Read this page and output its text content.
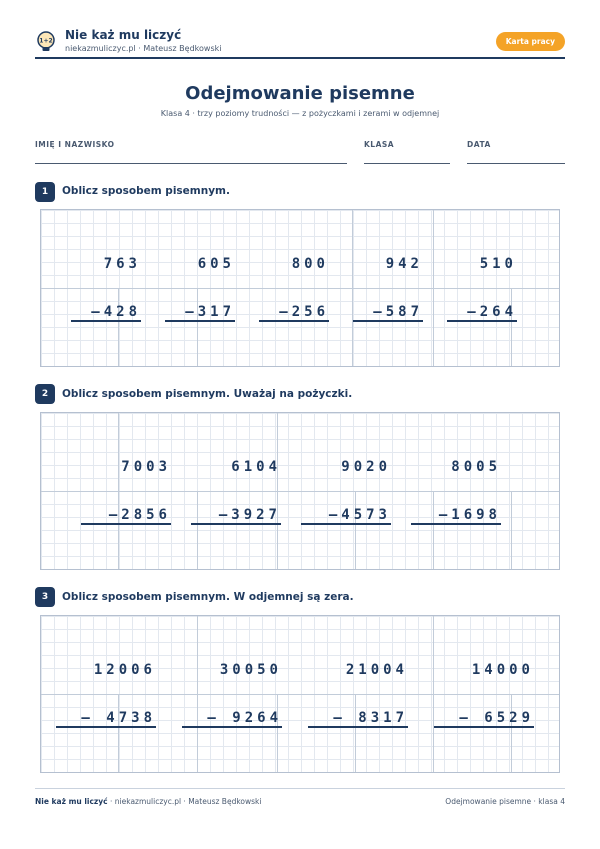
1+2 Nie każ mu liczyć
niekazmuliczyc.pl · Mateusz Będkowski
Karta pracy
Odejmowanie pisemne
Klasa 4 · trzy poziomy trudności — z pożyczkami i zerami w odjemnej
IMIĘ I NAZWISKO	KLASA	DATA
1	Oblicz sposobem pisemnym.

763

–428

605

–317

800

–256

942

–587

510

–264

2	Oblicz sposobem pisemnym. Uważaj na pożyczki.

7003

–2856

6104

–3927

9020

–4573

8005

–1698

3	Oblicz sposobem pisemnym. W odjemnej są zera.

12006

– 4738

30050

– 9264

21004

– 8317

14000

– 6529

Nie każ mu liczyć · niekazmuliczyc.pl · Mateusz Będkowski	Odejmowanie pisemne · klasa 4
